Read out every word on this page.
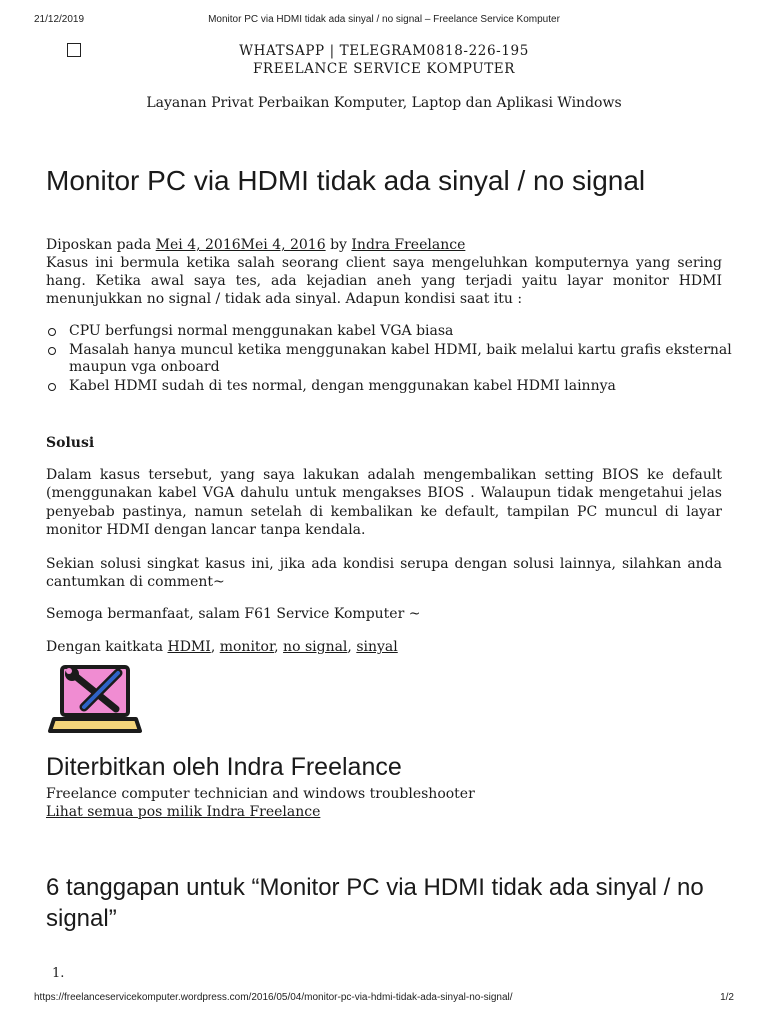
21/12/2019	Monitor PC via HDMI tidak ada sinyal / no signal – Freelance Service Komputer
WHATSAPP | TELEGRAM0818-226-195
FREELANCE SERVICE KOMPUTER
Layanan Privat Perbaikan Komputer, Laptop dan Aplikasi Windows
Monitor PC via HDMI tidak ada sinyal / no signal
Diposkan pada Mei 4, 2016Mei 4, 2016 by Indra Freelance
Kasus ini bermula ketika salah seorang client saya mengeluhkan komputernya yang sering hang. Ketika awal saya tes, ada kejadian aneh yang terjadi yaitu layar monitor HDMI menunjukkan no signal / tidak ada sinyal. Adapun kondisi saat itu :
CPU berfungsi normal menggunakan kabel VGA biasa
Masalah hanya muncul ketika menggunakan kabel HDMI, baik melalui kartu grafis eksternal maupun vga onboard
Kabel HDMI sudah di tes normal, dengan menggunakan kabel HDMI lainnya
Solusi

Dalam kasus tersebut, yang saya lakukan adalah mengembalikan setting BIOS ke default (menggunakan kabel VGA dahulu untuk mengakses BIOS . Walaupun tidak mengetahui jelas penyebab pastinya, namun setelah di kembalikan ke default, tampilan PC muncul di layar monitor HDMI dengan lancar tanpa kendala.

Sekian solusi singkat kasus ini, jika ada kondisi serupa dengan solusi lainnya, silahkan anda cantumkan di comment~

Semoga bermanfaat, salam F61 Service Komputer ~

Dengan kaitkata HDMI, monitor, no signal, sinyal
Diterbitkan oleh Indra Freelance
Freelance computer technician and windows troubleshooter
Lihat semua pos milik Indra Freelance
6 tanggapan untuk “Monitor PC via HDMI tidak ada sinyal / no signal”
1.
https://freelanceservicekomputer.wordpress.com/2016/05/04/monitor-pc-via-hdmi-tidak-ada-sinyal-no-signal/	1/2
